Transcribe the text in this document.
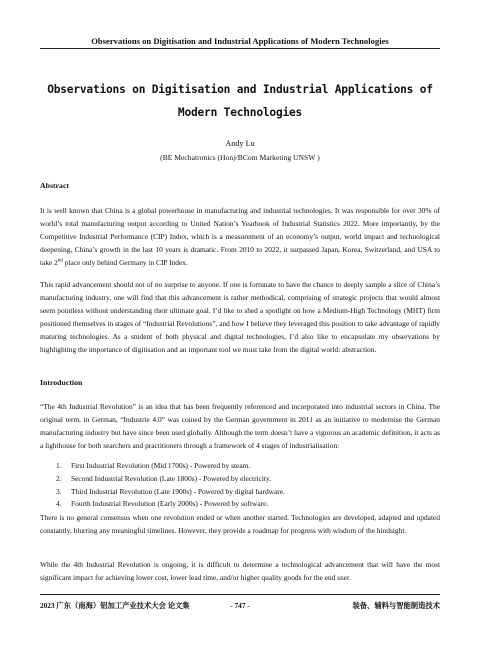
Observations on Digitisation and Industrial Applications of Modern Technologies
Observations on Digitisation and Industrial Applications of
Modern Technologies
Andy Lu
(BE Mechatronics (Hon)/BCom Marketing UNSW )
Abstract

It is well known that China is a global powerhouse in manufacturing and industrial technologies. It was responsible for over 30% of world’s total manufacturing output according to United Nation’s Yearbook of Industrial Statistics 2022. More importantly, by the Competitive Industrial Performance (CIP) Index, which is a measurement of an economy’s output, world impact and technological deepening, China’s growth in the last 10 years is dramatic. From 2010 to 2022, it surpassed Japan, Korea, Switzerland, and USA to take 2nd place only behind Germany in CIP Index.

This rapid advancement should not of no surprise to anyone. If one is fortunate to have the chance to deeply sample a slice of China’s manufacturing industry, one will find that this advancement is rather methodical, comprising of strategic projects that would almost seem pointless without understanding their ultimate goal. I’d like to shed a spotlight on how a Medium-High Technology (MHT) firm positioned themselves in stages of “Industrial Revolutions”, and how I believe they leveraged this position to take advantage of rapidly maturing technologies. As a student of both physical and digital technologies, I’d also like to encapsulate my observations by highlighting the importance of digitisation and an important tool we must take from the digital world: abstraction.

Introduction

“The 4th Industrial Revolution” is an idea that has been frequently referenced and incorporated into industrial sectors in China. The original term, in German, “Industrie 4.0” was coined by the German government in 2011 as an initiative to modernise the German manufacturing industry but have since been used globally. Although the term doesn’t have a vigorous an academic definition, it acts as a lighthouse for both searchers and practitioners through a framework of 4 stages of industrialisation:

1. First Industrial Revolution (Mid 1700s) - Powered by steam.
2. Second Industrial Revolution (Late 1800s) - Powered by electricity.
3. Third Industrial Revolution (Late 1900s) - Powered by digital hardware.
4. Fourth Industrial Revolution (Early 2000s) - Powered by software.

There is no general consensus when one revolution ended or when another started. Technologies are developed, adapted and updated constantly, blurring any meaningful timelines. However, they provide a roadmap for progress with wisdom of the hindsight.

While the 4th Industrial Revolution is ongoing, it is difficult to determine a technological advancement that will have the most significant impact for achieving lower cost, lower lead time, and/or higher quality goods for the end user.

2023 广东（南海）铝加工产业技术大会 论文集	- 747 -	装备、辅料与智能制造技术
